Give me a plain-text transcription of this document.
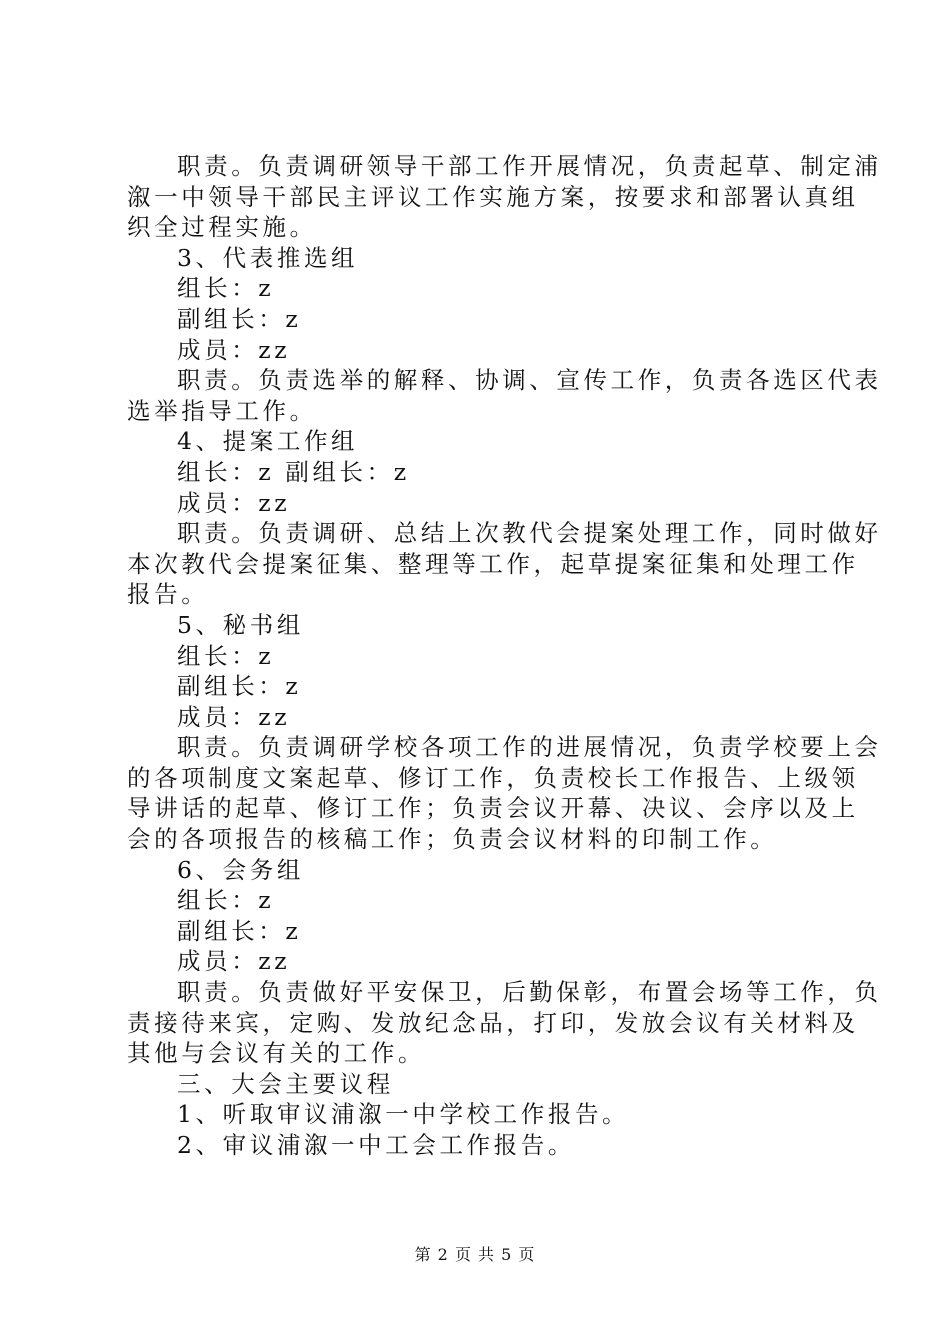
职责。负责调研领导干部工作开展情况，负责起草、制定浦

溆一中领导干部民主评议工作实施方案，按要求和部署认真组

织全过程实施。

3、代表推选组

组长：z

副组长：z

成员：zz

职责。负责选举的解释、协调、宣传工作，负责各选区代表

选举指导工作。

4、提案工作组

组长：z 副组长：z

成员：zz

职责。负责调研、总结上次教代会提案处理工作，同时做好

本次教代会提案征集、整理等工作，起草提案征集和处理工作

报告。

5、秘书组

组长：z

副组长：z

成员：zz

职责。负责调研学校各项工作的进展情况，负责学校要上会

的各项制度文案起草、修订工作，负责校长工作报告、上级领

导讲话的起草、修订工作；负责会议开幕、决议、会序以及上

会的各项报告的核稿工作；负责会议材料的印制工作。

6、会务组

组长：z

副组长：z

成员：zz

职责。负责做好平安保卫，后勤保彰，布置会场等工作，负

责接待来宾，定购、发放纪念品，打印，发放会议有关材料及

其他与会议有关的工作。

三、大会主要议程

1、听取审议浦溆一中学校工作报告。

2、审议浦溆一中工会工作报告。

第 2 页 共 5 页
